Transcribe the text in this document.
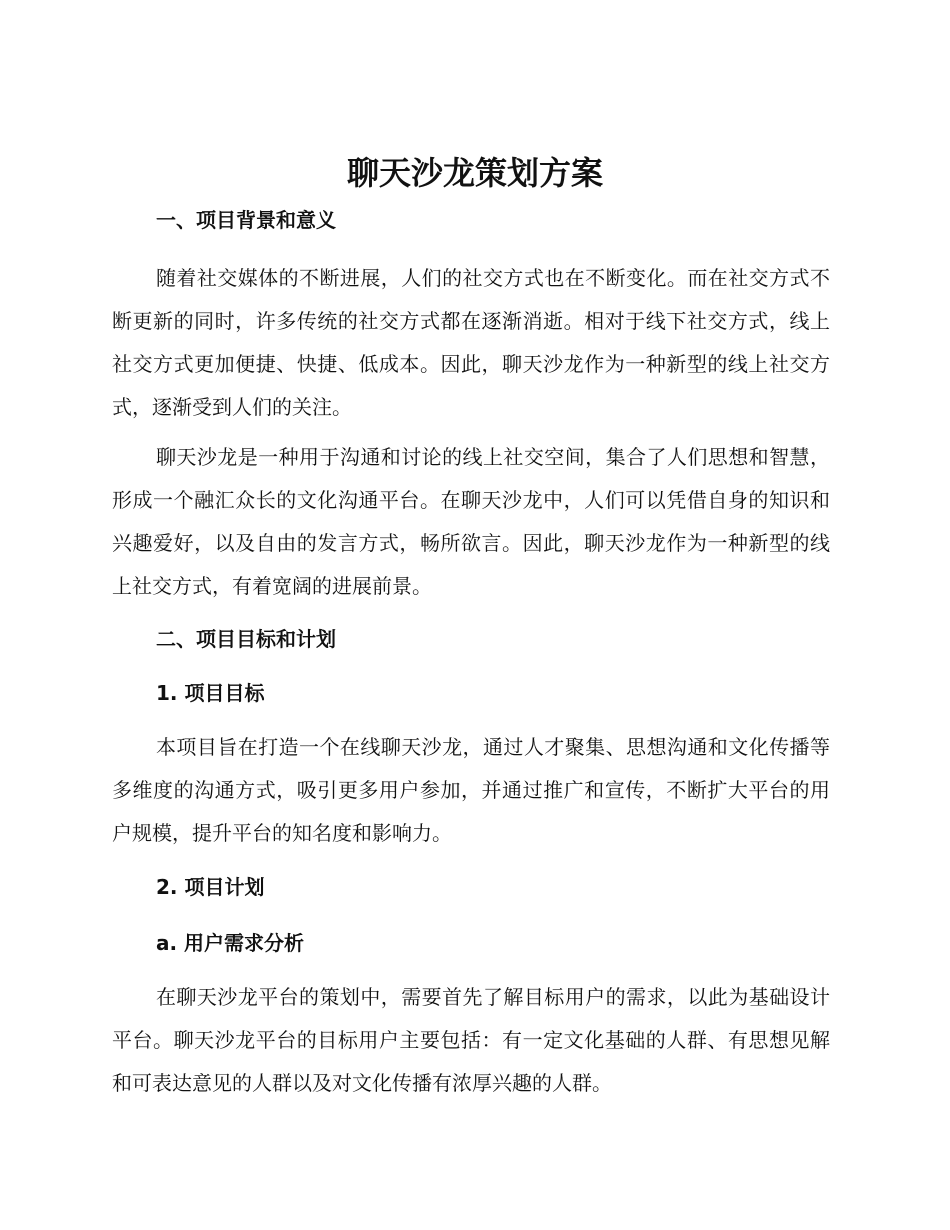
聊天沙龙策划方案
一、项目背景和意义

随着社交媒体的不断进展，人们的社交方式也在不断变化。而在社交方式不断更新的同时，许多传统的社交方式都在逐渐消逝。相对于线下社交方式，线上社交方式更加便捷、快捷、低成本。因此，聊天沙龙作为一种新型的线上社交方式，逐渐受到人们的关注。

聊天沙龙是一种用于沟通和讨论的线上社交空间，集合了人们思想和智慧，形成一个融汇众长的文化沟通平台。在聊天沙龙中，人们可以凭借自身的知识和兴趣爱好，以及自由的发言方式，畅所欲言。因此，聊天沙龙作为一种新型的线上社交方式，有着宽阔的进展前景。

二、项目目标和计划
1. 项目目标

本项目旨在打造一个在线聊天沙龙，通过人才聚集、思想沟通和文化传播等多维度的沟通方式，吸引更多用户参加，并通过推广和宣传，不断扩大平台的用户规模，提升平台的知名度和影响力。

2. 项目计划
a. 用户需求分析

在聊天沙龙平台的策划中，需要首先了解目标用户的需求，以此为基础设计平台。聊天沙龙平台的目标用户主要包括：有一定文化基础的人群、有思想见解和可表达意见的人群以及对文化传播有浓厚兴趣的人群。
